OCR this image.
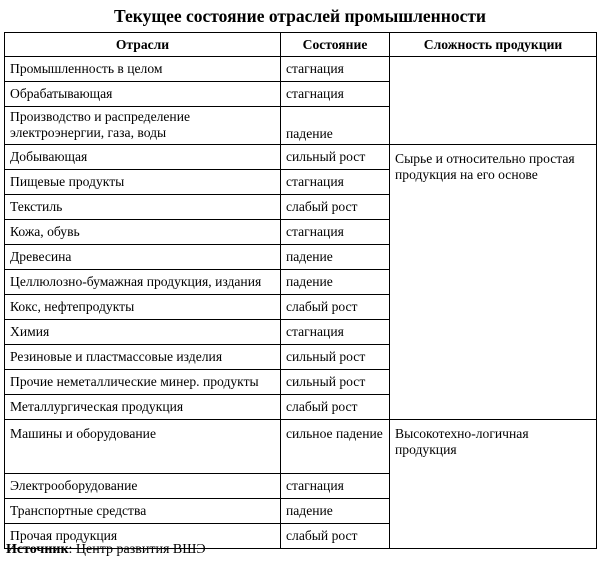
Текущее состояние отраслей промышленности
Отрасли	Состояние	Сложность продукции
Промышленность в целом	стагнация	
Обрабатывающая	стагнация	
Производство и распределение электроэнергии, газа, воды	падение	
Добывающая	сильный рост	Сырье и относительно простая продукция на его основе
Пищевые продукты	стагнация	
Текстиль	слабый рост	
Кожа, обувь	стагнация	
Древесина	падение	
Целлюлозно-бумажная продукция, издания	падение	
Кокс, нефтепродукты	слабый рост	
Химия	стагнация	
Резиновые и пластмассовые изделия	сильный рост	
Прочие неметаллические минер. продукты	сильный рост	
Металлургическая продукция	слабый рост	
Машины и оборудование	сильное падение	Высокотехно-логичная продукция
Электрооборудование	стагнация	
Транспортные средства	падение	
Прочая продукция	слабый рост	
Источник: Центр развития ВШЭ
